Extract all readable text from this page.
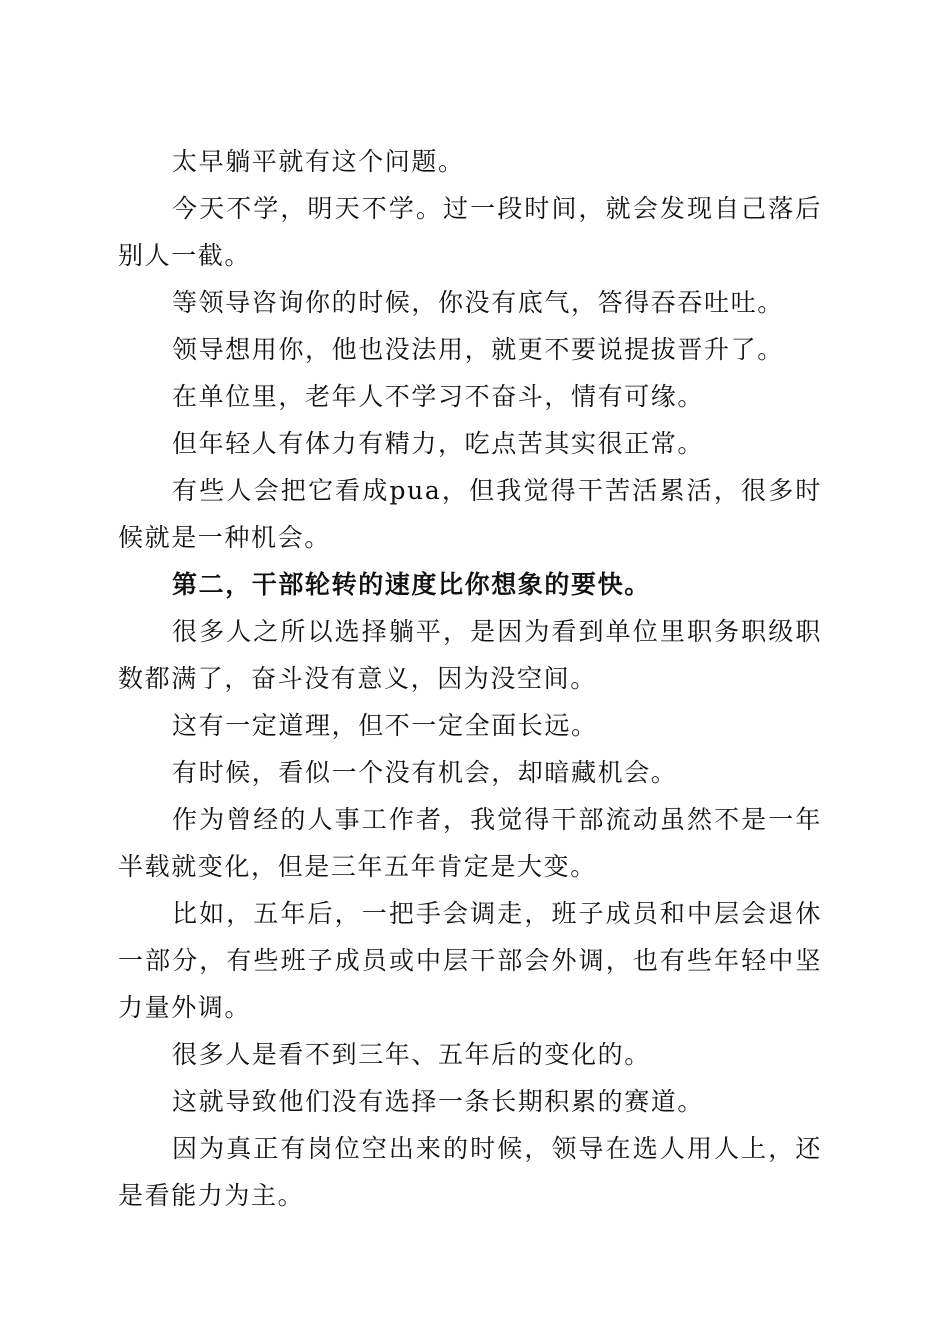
太早躺平就有这个问题。

今天不学，明天不学。过一段时间，就会发现自己落后别人一截。

等领导咨询你的时候，你没有底气，答得吞吞吐吐。

领导想用你，他也没法用，就更不要说提拔晋升了。

在单位里，老年人不学习不奋斗，情有可缘。

但年轻人有体力有精力，吃点苦其实很正常。

有些人会把它看成pua，但我觉得干苦活累活，很多时候就是一种机会。

第二，干部轮转的速度比你想象的要快。

很多人之所以选择躺平，是因为看到单位里职务职级职数都满了，奋斗没有意义，因为没空间。

这有一定道理，但不一定全面长远。

有时候，看似一个没有机会，却暗藏机会。

作为曾经的人事工作者，我觉得干部流动虽然不是一年半载就变化，但是三年五年肯定是大变。

比如，五年后，一把手会调走，班子成员和中层会退休一部分，有些班子成员或中层干部会外调，也有些年轻中坚力量外调。

很多人是看不到三年、五年后的变化的。

这就导致他们没有选择一条长期积累的赛道。

因为真正有岗位空出来的时候，领导在选人用人上，还是看能力为主。
